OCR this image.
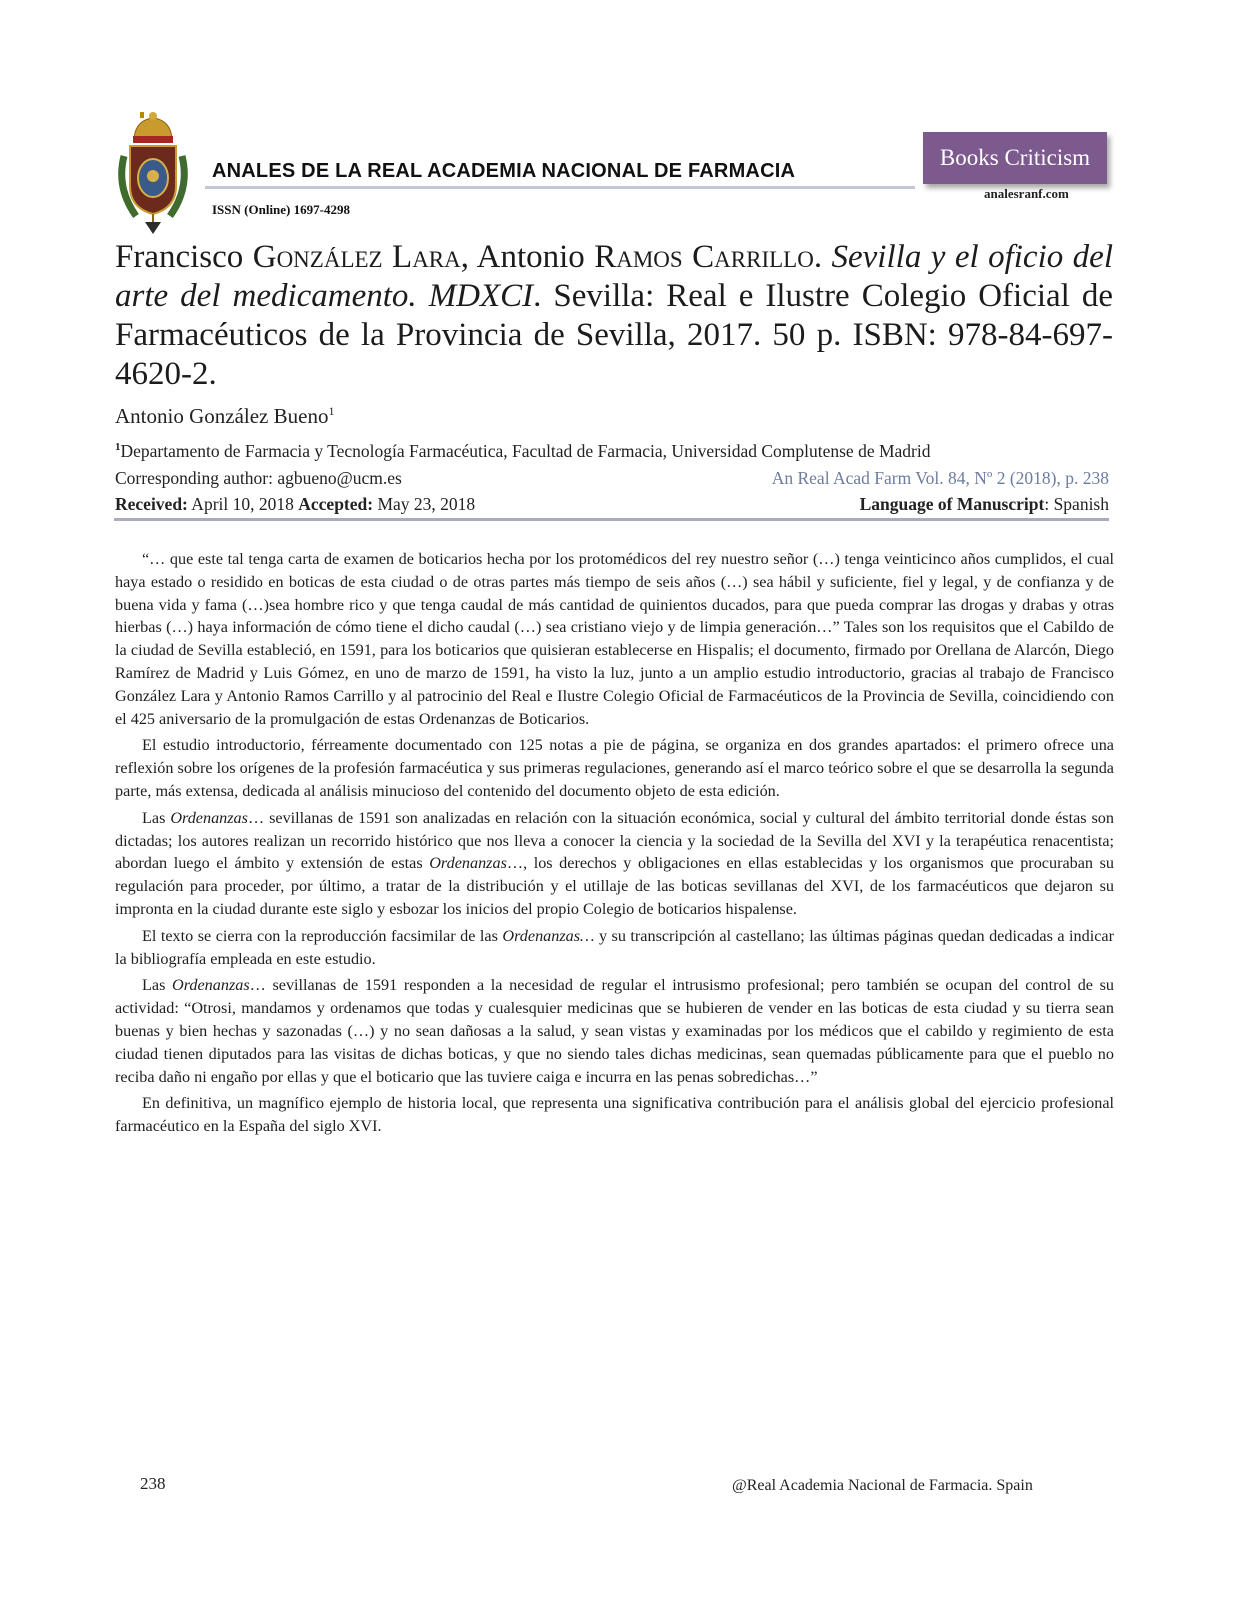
ANALES DE LA REAL ACADEMIA NACIONAL DE FARMACIA
ISSN (Online) 1697-4298
Books Criticism
analesranf.com
Francisco González Lara, Antonio Ramos Carrillo. Sevilla y el oficio del arte del medicamento. MDXCI. Sevilla: Real e Ilustre Colegio Oficial de Farmacéuticos de la Provincia de Sevilla, 2017. 50 p. ISBN: 978-84-697-4620-2.
Antonio González Bueno$^1$
$^1$Departamento de Farmacia y Tecnología Farmacéutica, Facultad de Farmacia, Universidad Complutense de Madrid
Corresponding author: agbueno@ucm.es	An Real Acad Farm Vol. 84, Nº 2 (2018), p. 238
Received: April 10, 2018 Accepted: May 23, 2018	Language of Manuscript: Spanish

“… que este tal tenga carta de examen de boticarios hecha por los protomédicos del rey nuestro señor (…) tenga veinticinco años cumplidos, el cual haya estado o residido en boticas de esta ciudad o de otras partes más tiempo de seis años (…) sea hábil y suficiente, fiel y legal, y de confianza y de buena vida y fama (…)sea hombre rico y que tenga caudal de más cantidad de quinientos ducados, para que pueda comprar las drogas y drabas y otras hierbas (…) haya información de cómo tiene el dicho caudal (…) sea cristiano viejo y de limpia generación…” Tales son los requisitos que el Cabildo de la ciudad de Sevilla estableció, en 1591, para los boticarios que quisieran establecerse en Hispalis; el documento, firmado por Orellana de Alarcón, Diego Ramírez de Madrid y Luis Gómez, en uno de marzo de 1591, ha visto la luz, junto a un amplio estudio introductorio, gracias al trabajo de Francisco González Lara y Antonio Ramos Carrillo y al patrocinio del Real e Ilustre Colegio Oficial de Farmacéuticos de la Provincia de Sevilla, coincidiendo con el 425 aniversario de la promulgación de estas Ordenanzas de Boticarios.

El estudio introductorio, férreamente documentado con 125 notas a pie de página, se organiza en dos grandes apartados: el primero ofrece una reflexión sobre los orígenes de la profesión farmacéutica y sus primeras regulaciones, generando así el marco teórico sobre el que se desarrolla la segunda parte, más extensa, dedicada al análisis minucioso del contenido del documento objeto de esta edición.

Las Ordenanzas… sevillanas de 1591 son analizadas en relación con la situación económica, social y cultural del ámbito territorial donde éstas son dictadas; los autores realizan un recorrido histórico que nos lleva a conocer la ciencia y la sociedad de la Sevilla del XVI y la terapéutica renacentista; abordan luego el ámbito y extensión de estas Ordenanzas…, los derechos y obligaciones en ellas establecidas y los organismos que procuraban su regulación para proceder, por último, a tratar de la distribución y el utillaje de las boticas sevillanas del XVI, de los farmacéuticos que dejaron su impronta en la ciudad durante este siglo y esbozar los inicios del propio Colegio de boticarios hispalense.

El texto se cierra con la reproducción facsimilar de las Ordenanzas… y su transcripción al castellano; las últimas páginas quedan dedicadas a indicar la bibliografía empleada en este estudio.

Las Ordenanzas… sevillanas de 1591 responden a la necesidad de regular el intrusismo profesional; pero también se ocupan del control de su actividad: “Otrosi, mandamos y ordenamos que todas y cualesquier medicinas que se hubieren de vender en las boticas de esta ciudad y su tierra sean buenas y bien hechas y sazonadas (…) y no sean dañosas a la salud, y sean vistas y examinadas por los médicos que el cabildo y regimiento de esta ciudad tienen diputados para las visitas de dichas boticas, y que no siendo tales dichas medicinas, sean quemadas públicamente para que el pueblo no reciba daño ni engaño por ellas y que el boticario que las tuviere caiga e incurra en las penas sobredichas…”

En definitiva, un magnífico ejemplo de historia local, que representa una significativa contribución para el análisis global del ejercicio profesional farmacéutico en la España del siglo XVI.

238	@Real Academia Nacional de Farmacia. Spain
